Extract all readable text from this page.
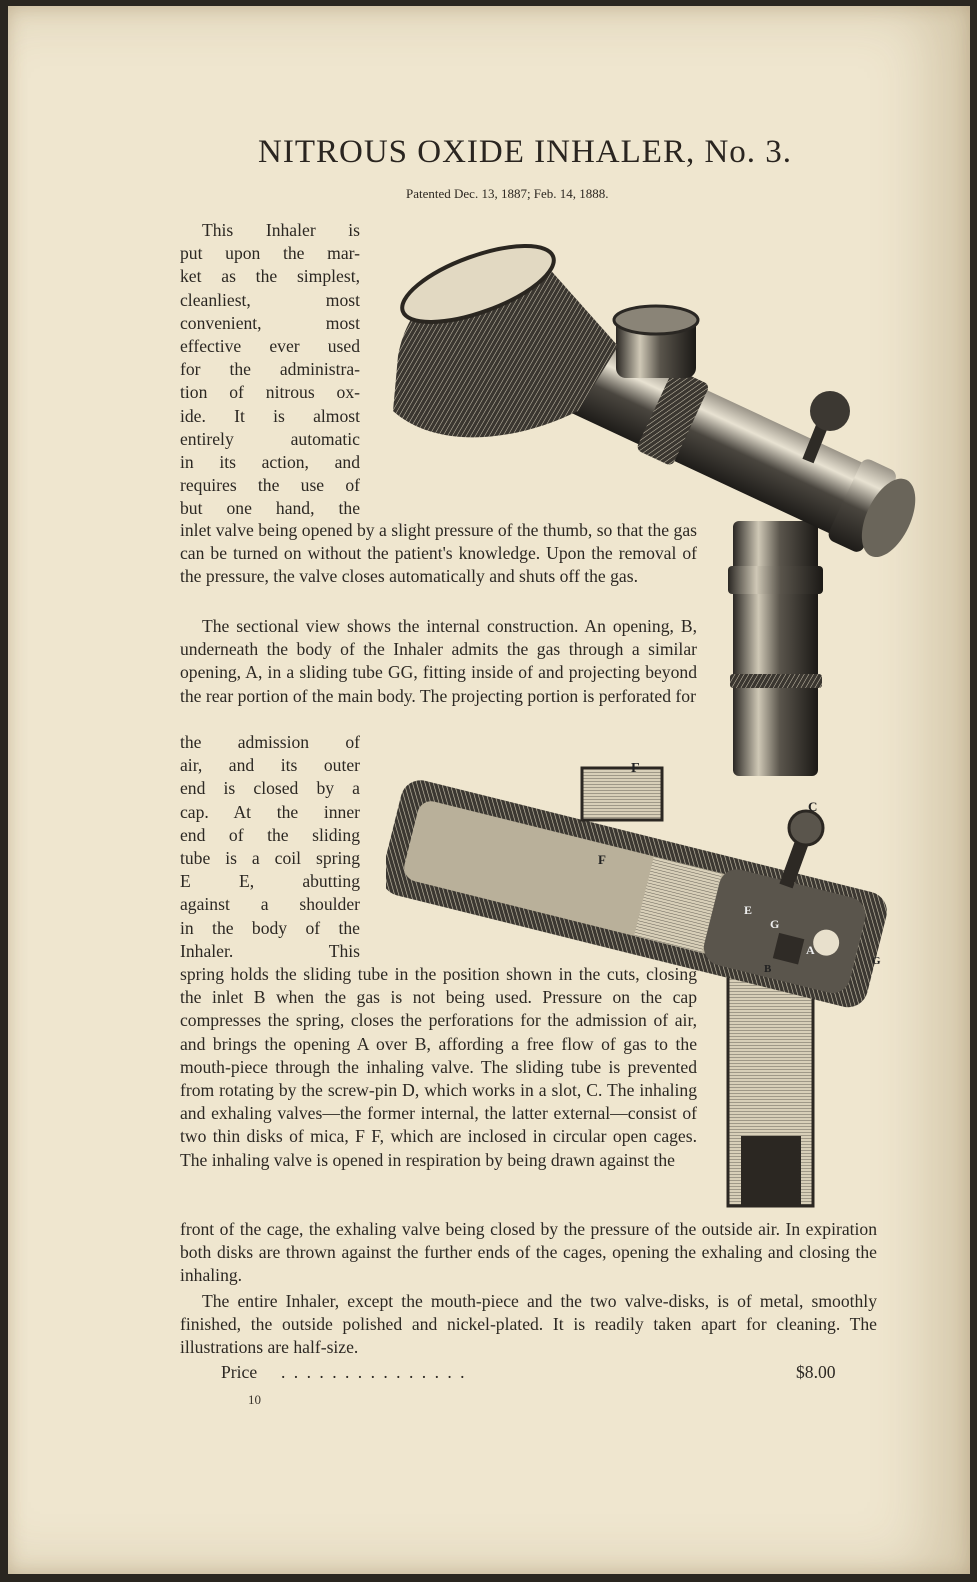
NITROUS OXIDE INHALER, No. 3.
Patented Dec. 13, 1887; Feb. 14, 1888.
This Inhaler is
put upon the mar-
ket as the simplest,
cleanliest, most
convenient, most
effective ever used
for the administra-
tion of nitrous ox-
ide. It is almost
entirely automatic
in its action, and
requires the use of
but one hand, the

inlet valve being opened by a slight pressure of the thumb, so that the gas can be turned on without the patient's knowledge. Upon the removal of the pressure, the valve closes automatically and shuts off the gas.

The sectional view shows the internal construction. An opening, B, underneath the body of the Inhaler admits the gas through a similar opening, A, in a sliding tube GG, fitting inside of and projecting beyond the rear portion of the main body. The projecting portion is perforated for

the admission of
air, and its outer
end is closed by a
cap. At the inner
end of the sliding
tube is a coil spring
E E, abutting
against a shoulder
in the body of the
Inhaler. This

spring holds the sliding tube in the position shown in the cuts, closing the inlet B when the gas is not being used. Pressure on the cap compresses the spring, closes the perforations for the admission of air, and brings the opening A over B, affording a free flow of gas to the mouth-piece through the inhaling valve. The sliding tube is prevented from rotating by the screw-pin D, which works in a slot, C. The inhaling and exhaling valves—the former internal, the latter external—consist of two thin disks of mica, F F, which are inclosed in circular open cages. The inhaling valve is opened in respiration by being drawn against the

front of the cage, the exhaling valve being closed by the pressure of the outside air. In expiration both disks are thrown against the further ends of the cages, opening the exhaling and closing the inhaling.

The entire Inhaler, except the mouth-piece and the two valve-disks, is of metal, smoothly finished, the outside polished and nickel-plated. It is readily taken apart for cleaning. The illustrations are half-size.

Price . . . . . . . . . . . . . . .	$8.00
10
F
C
F
E
G
A
B
G
